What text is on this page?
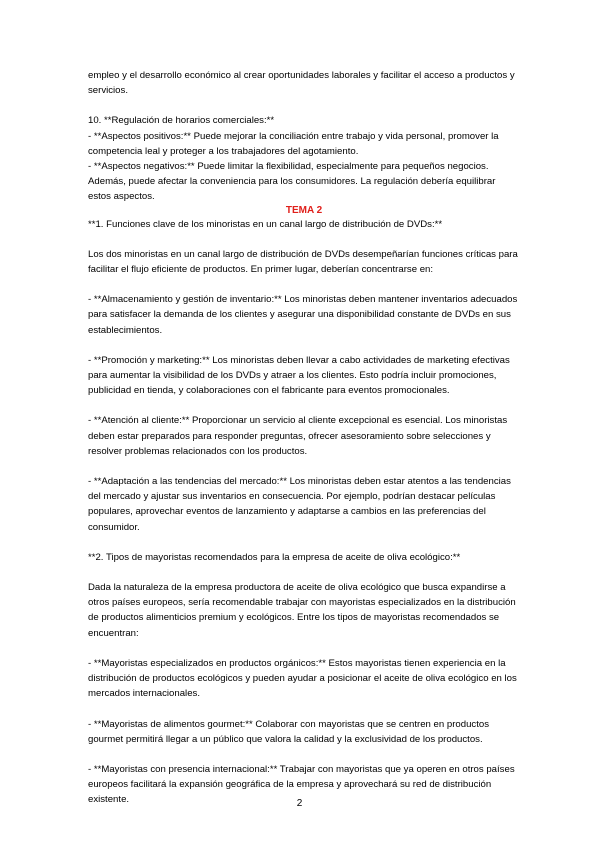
empleo y el desarrollo económico al crear oportunidades laborales y facilitar el acceso a productos y servicios.

10. **Regulación de horarios comerciales:**

- **Aspectos positivos:** Puede mejorar la conciliación entre trabajo y vida personal, promover la competencia leal y proteger a los trabajadores del agotamiento.

- **Aspectos negativos:** Puede limitar la flexibilidad, especialmente para pequeños negocios. Además, puede afectar la conveniencia para los consumidores. La regulación debería equilibrar estos aspectos.

TEMA 2

**1. Funciones clave de los minoristas en un canal largo de distribución de DVDs:**

Los dos minoristas en un canal largo de distribución de DVDs desempeñarían funciones críticas para facilitar el flujo eficiente de productos. En primer lugar, deberían concentrarse en:

- **Almacenamiento y gestión de inventario:** Los minoristas deben mantener inventarios adecuados para satisfacer la demanda de los clientes y asegurar una disponibilidad constante de DVDs en sus establecimientos.

- **Promoción y marketing:** Los minoristas deben llevar a cabo actividades de marketing efectivas para aumentar la visibilidad de los DVDs y atraer a los clientes. Esto podría incluir promociones, publicidad en tienda, y colaboraciones con el fabricante para eventos promocionales.

- **Atención al cliente:** Proporcionar un servicio al cliente excepcional es esencial. Los minoristas deben estar preparados para responder preguntas, ofrecer asesoramiento sobre selecciones y resolver problemas relacionados con los productos.

- **Adaptación a las tendencias del mercado:** Los minoristas deben estar atentos a las tendencias del mercado y ajustar sus inventarios en consecuencia. Por ejemplo, podrían destacar películas populares, aprovechar eventos de lanzamiento y adaptarse a cambios en las preferencias del consumidor.

**2. Tipos de mayoristas recomendados para la empresa de aceite de oliva ecológico:**

Dada la naturaleza de la empresa productora de aceite de oliva ecológico que busca expandirse a otros países europeos, sería recomendable trabajar con mayoristas especializados en la distribución de productos alimenticios premium y ecológicos. Entre los tipos de mayoristas recomendados se encuentran:

- **Mayoristas especializados en productos orgánicos:** Estos mayoristas tienen experiencia en la distribución de productos ecológicos y pueden ayudar a posicionar el aceite de oliva ecológico en los mercados internacionales.

- **Mayoristas de alimentos gourmet:** Colaborar con mayoristas que se centren en productos gourmet permitirá llegar a un público que valora la calidad y la exclusividad de los productos.

- **Mayoristas con presencia internacional:** Trabajar con mayoristas que ya operen en otros países europeos facilitará la expansión geográfica de la empresa y aprovechará su red de distribución existente.	2
